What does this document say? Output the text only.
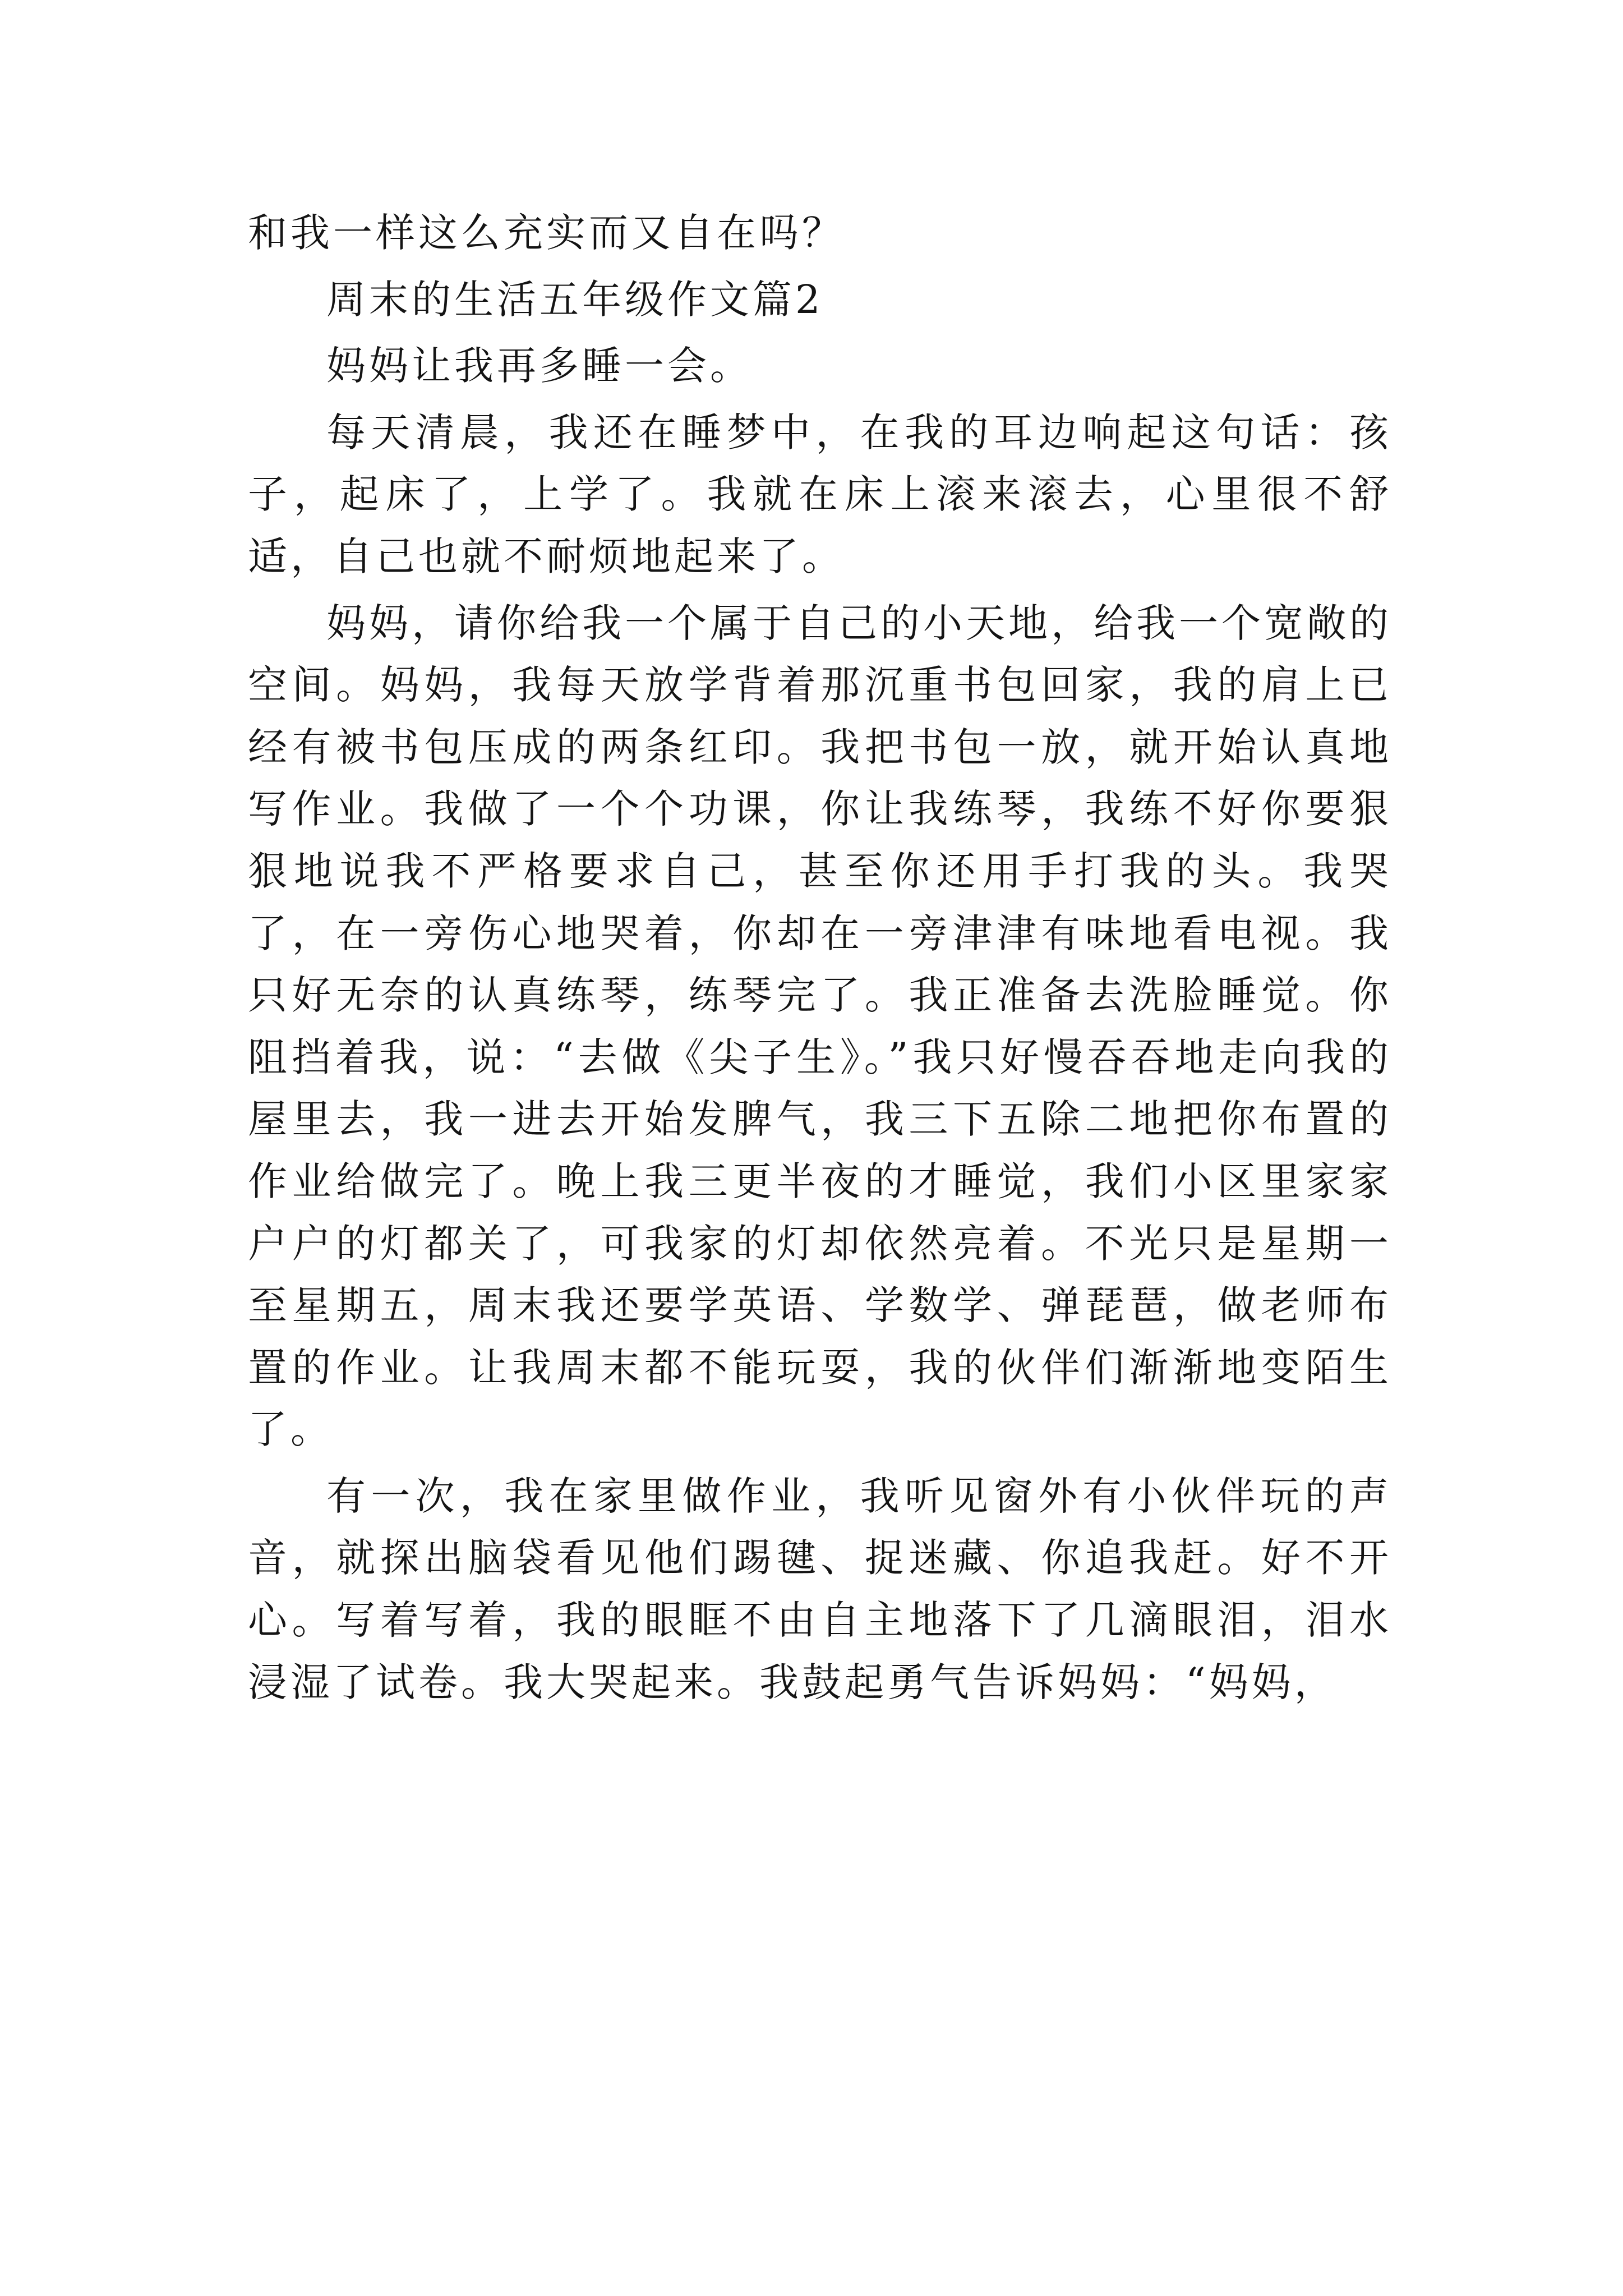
和我一样这么充实而又自在吗？

周末的生活五年级作文篇2

妈妈让我再多睡一会。

每天清晨，我还在睡梦中，在我的耳边响起这句话：孩子，起床了，上学了。我就在床上滚来滚去，心里很不舒适，自己也就不耐烦地起来了。

妈妈，请你给我一个属于自己的小天地，给我一个宽敞的空间。妈妈，我每天放学背着那沉重书包回家，我的肩上已经有被书包压成的两条红印。我把书包一放，就开始认真地写作业。我做了一个个功课，你让我练琴，我练不好你要狠狠地说我不严格要求自己，甚至你还用手打我的头。我哭了，在一旁伤心地哭着，你却在一旁津津有味地看电视。我只好无奈的认真练琴，练琴完了。我正准备去洗脸睡觉。你阻挡着我，说：“去做《尖子生》。”我只好慢吞吞地走向我的屋里去，我一进去开始发脾气，我三下五除二地把你布置的作业给做完了。晚上我三更半夜的才睡觉，我们小区里家家户户的灯都关了，可我家的灯却依然亮着。不光只是星期一至星期五，周末我还要学英语、学数学、弹琵琶，做老师布置的作业。让我周末都不能玩耍，我的伙伴们渐渐地变陌生了。

有一次，我在家里做作业，我听见窗外有小伙伴玩的声音，就探出脑袋看见他们踢毽、捉迷藏、你追我赶。好不开心。写着写着，我的眼眶不由自主地落下了几滴眼泪，泪水浸湿了试卷。我大哭起来。我鼓起勇气告诉妈妈：“妈妈，
